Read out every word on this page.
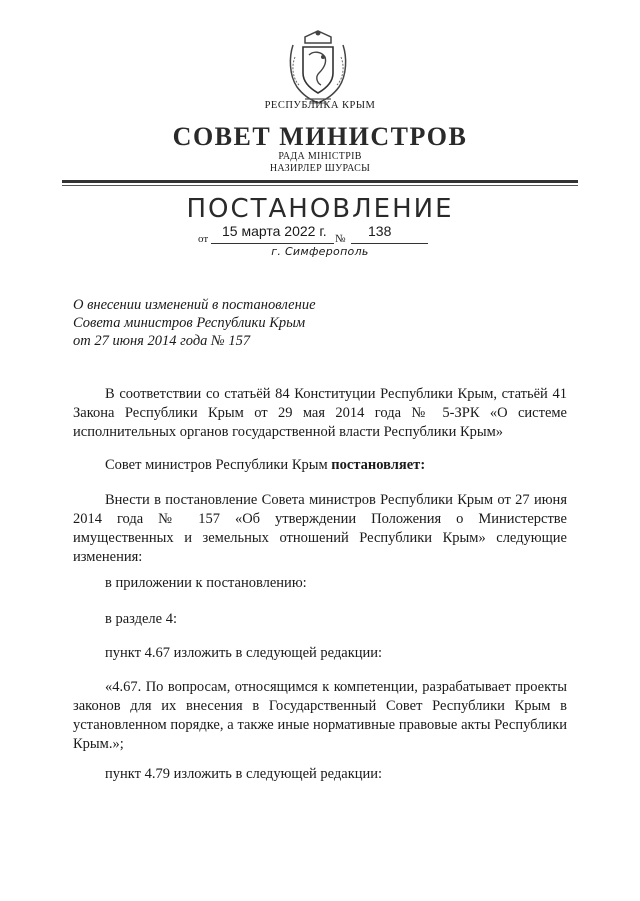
РЕСПУБЛИКА КРЫМ
СОВЕТ МИНИСТРОВ
РАДА МІНІСТРІВ
НАЗИРЛЕР ШУРАСЫ
ПОСТАНОВЛЕНИЕ
от 15 марта 2022 г. № 138
г. Симферополь
О внесении изменений в постановление
Совета министров Республики Крым
от 27 июня 2014 года № 157
В соответствии со статьёй 84 Конституции Республики Крым, статьёй 41 Закона Республики Крым от 29 мая 2014 года № 5-ЗРК «О системе исполнительных органов государственной власти Республики Крым»
Совет министров Республики Крым постановляет:
Внести в постановление Совета министров Республики Крым от 27 июня 2014 года № 157 «Об утверждении Положения о Министерстве имущественных и земельных отношений Республики Крым» следующие изменения:
в приложении к постановлению:
в разделе 4:
пункт 4.67 изложить в следующей редакции:
«4.67. По вопросам, относящимся к компетенции, разрабатывает проекты законов для их внесения в Государственный Совет Республики Крым в установленном порядке, а также иные нормативные правовые акты Республики Крым.»;
пункт 4.79 изложить в следующей редакции:
